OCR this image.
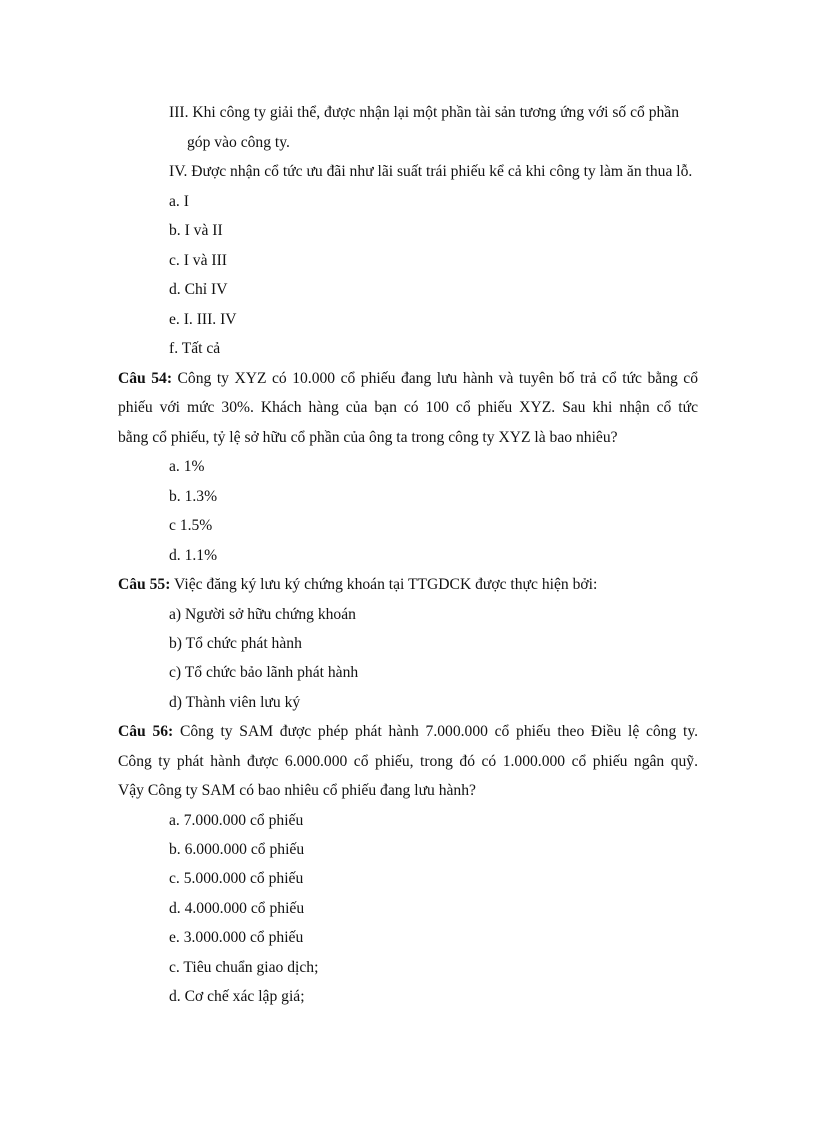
III. Khi công ty giải thể, được nhận lại một phần tài sản tương ứng với số cổ phần
góp vào công ty.
IV. Được nhận cổ tức ưu đãi như lãi suất trái phiếu kể cả khi công ty làm ăn thua lỗ.
a. I
b. I và II
c. I và III
d. Chỉ IV
e. I. III. IV
f. Tất cả
Câu 54: Công ty XYZ có 10.000 cổ phiếu đang lưu hành và tuyên bố trả cổ tức bằng cổ
phiếu với mức 30%. Khách hàng của bạn có 100 cổ phiếu XYZ. Sau khi nhận cổ tức
bằng cổ phiếu, tỷ lệ sở hữu cổ phần của ông ta trong công ty XYZ là bao nhiêu?
a. 1%
b. 1.3%
c 1.5%
d. 1.1%
Câu 55: Việc đăng ký lưu ký chứng khoán tại TTGDCK được thực hiện bởi:
a) Người sở hữu chứng khoán
b) Tổ chức phát hành
c) Tổ chức bảo lãnh phát hành
d) Thành viên lưu ký
Câu 56: Công ty SAM được phép phát hành 7.000.000 cổ phiếu theo Điều lệ công ty.
Công ty phát hành được 6.000.000 cổ phiếu, trong đó có 1.000.000 cổ phiếu ngân quỹ.
Vậy Công ty SAM có bao nhiêu cổ phiếu đang lưu hành?
a. 7.000.000 cổ phiếu
b. 6.000.000 cổ phiếu
c. 5.000.000 cổ phiếu
d. 4.000.000 cổ phiếu
e. 3.000.000 cổ phiếu
c. Tiêu chuẩn giao dịch;
d. Cơ chế xác lập giá;
